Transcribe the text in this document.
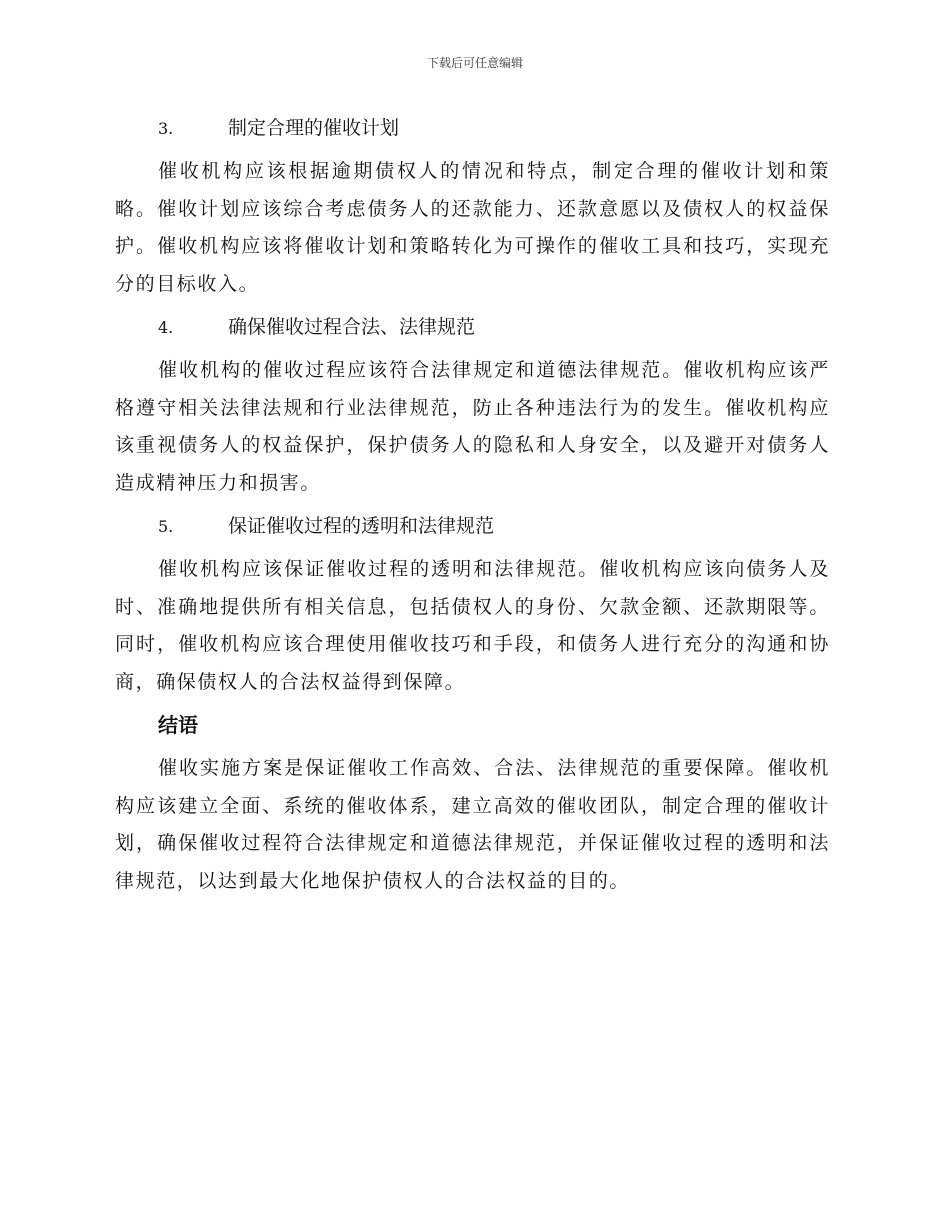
下载后可任意编辑
3.	制定合理的催收计划

催收机构应该根据逾期债权人的情况和特点，制定合理的催收计划和策略。催收计划应该综合考虑债务人的还款能力、还款意愿以及债权人的权益保护。催收机构应该将催收计划和策略转化为可操作的催收工具和技巧，实现充分的目标收入。

4.	确保催收过程合法、法律规范

催收机构的催收过程应该符合法律规定和道德法律规范。催收机构应该严格遵守相关法律法规和行业法律规范，防止各种违法行为的发生。催收机构应该重视债务人的权益保护，保护债务人的隐私和人身安全，以及避开对债务人造成精神压力和损害。

5.	保证催收过程的透明和法律规范

催收机构应该保证催收过程的透明和法律规范。催收机构应该向债务人及时、准确地提供所有相关信息，包括债权人的身份、欠款金额、还款期限等。同时，催收机构应该合理使用催收技巧和手段，和债务人进行充分的沟通和协商，确保债权人的合法权益得到保障。

结语

催收实施方案是保证催收工作高效、合法、法律规范的重要保障。催收机构应该建立全面、系统的催收体系，建立高效的催收团队，制定合理的催收计划，确保催收过程符合法律规定和道德法律规范，并保证催收过程的透明和法律规范，以达到最大化地保护债权人的合法权益的目的。
